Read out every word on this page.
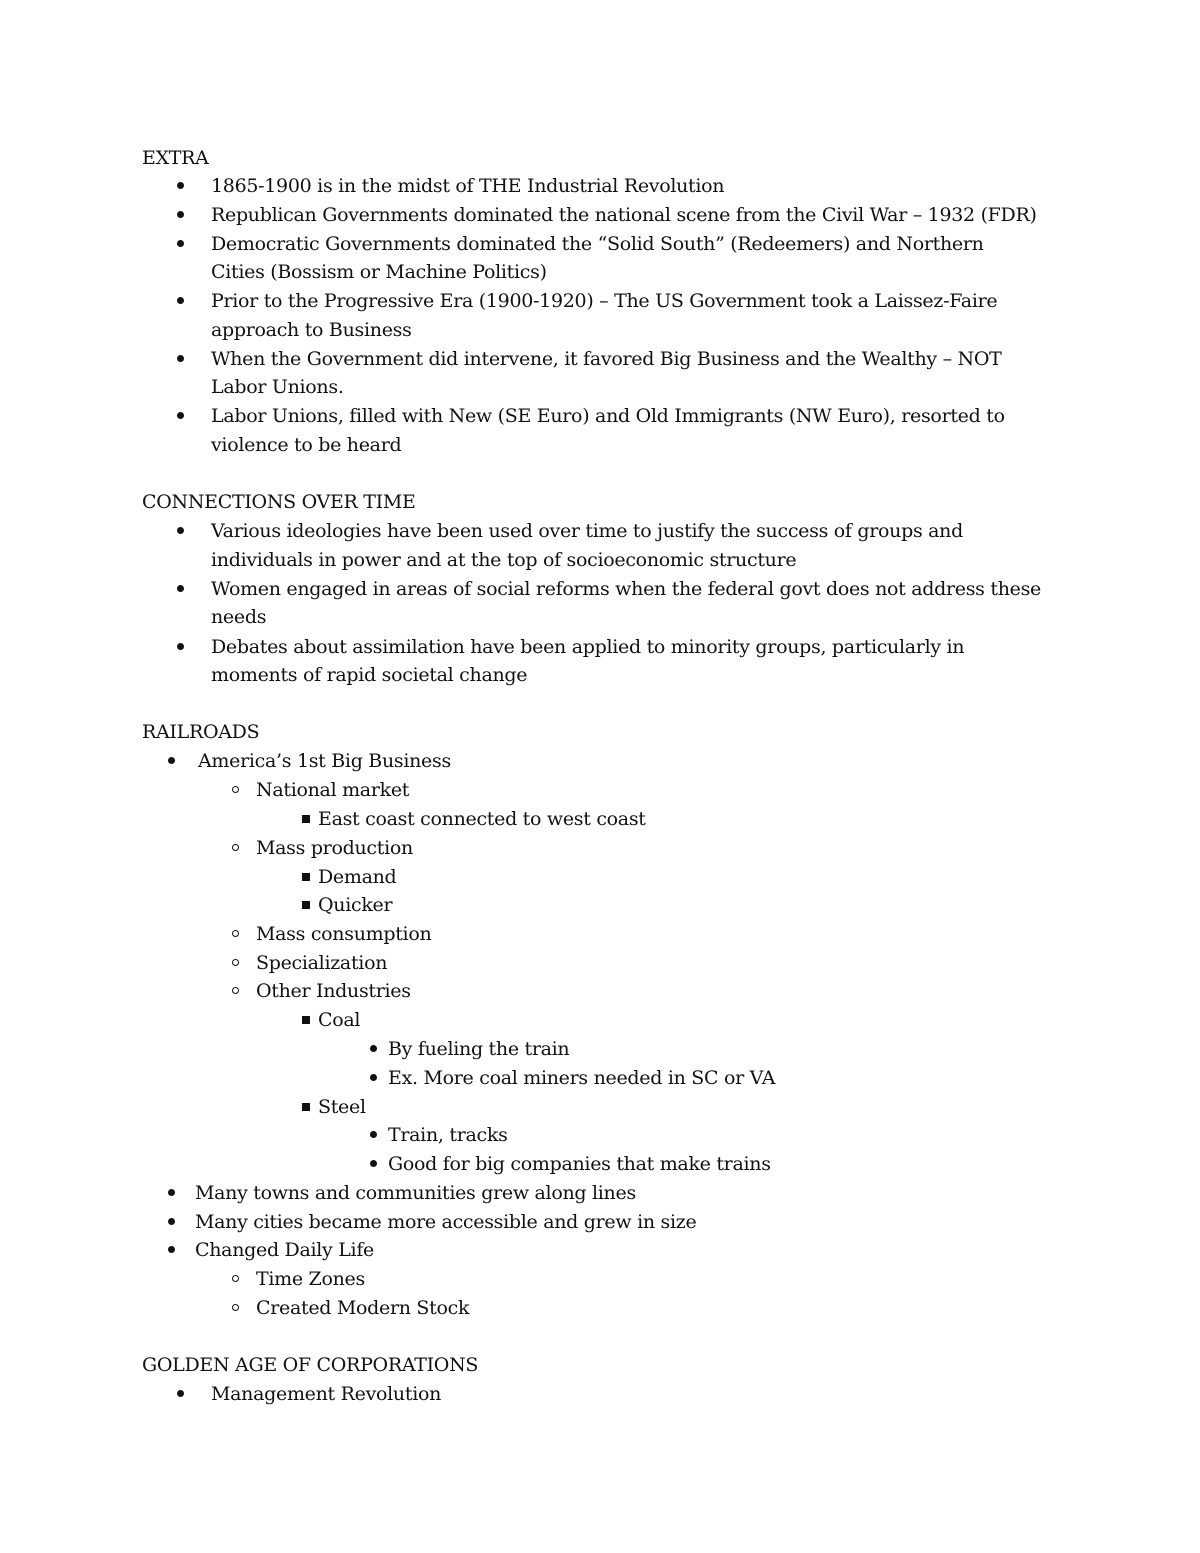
EXTRA
1865-1900 is in the midst of THE Industrial Revolution
Republican Governments dominated the national scene from the Civil War – 1932 (FDR)
Democratic Governments dominated the “Solid South” (Redeemers) and Northern
Cities (Bossism or Machine Politics)
Prior to the Progressive Era (1900-1920) – The US Government took a Laissez-Faire
approach to Business
When the Government did intervene, it favored Big Business and the Wealthy – NOT
Labor Unions.
Labor Unions, filled with New (SE Euro) and Old Immigrants (NW Euro), resorted to
violence to be heard
CONNECTIONS OVER TIME
Various ideologies have been used over time to justify the success of groups and
individuals in power and at the top of socioeconomic structure
Women engaged in areas of social reforms when the federal govt does not address these
needs
Debates about assimilation have been applied to minority groups, particularly in
moments of rapid societal change
RAILROADS
America’s 1st Big Business
National market
East coast connected to west coast
Mass production
Demand
Quicker
Mass consumption
Specialization
Other Industries
Coal
By fueling the train
Ex. More coal miners needed in SC or VA
Steel
Train, tracks
Good for big companies that make trains
Many towns and communities grew along lines
Many cities became more accessible and grew in size
Changed Daily Life
Time Zones
Created Modern Stock
GOLDEN AGE OF CORPORATIONS
Management Revolution
